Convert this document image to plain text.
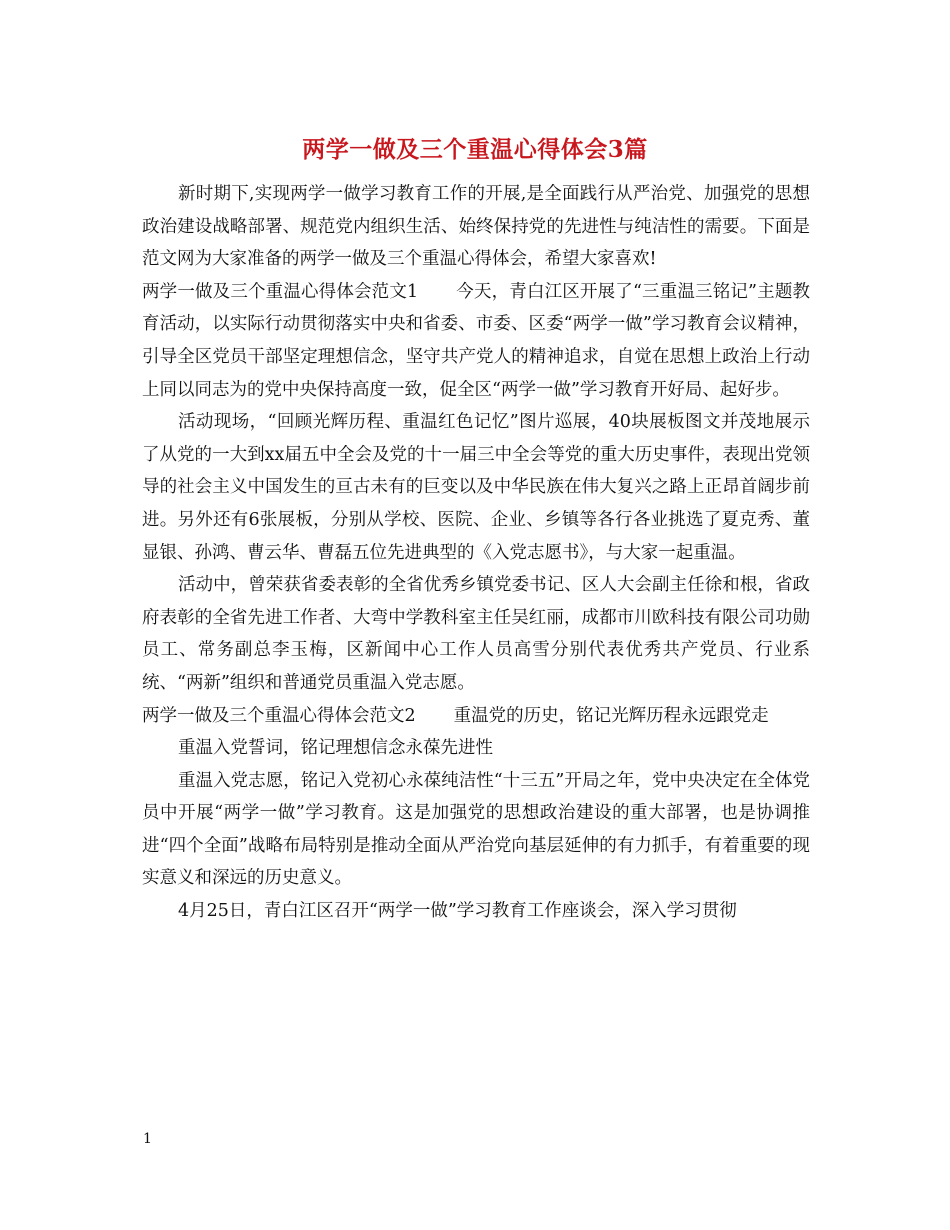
两学一做及三个重温心得体会3篇

新时期下,实现两学一做学习教育工作的开展,是全面践行从严治党、加强党的思想政治建设战略部署、规范党内组织生活、始终保持党的先进性与纯洁性的需要。下面是范文网为大家准备的两学一做及三个重温心得体会，希望大家喜欢!

两学一做及三个重温心得体会范文1 今天，青白江区开展了“三重温三铭记”主题教育活动，以实际行动贯彻落实中央和省委、市委、区委“两学一做”学习教育会议精神，引导全区党员干部坚定理想信念，坚守共产党人的精神追求，自觉在思想上政治上行动上同以同志为的党中央保持高度一致，促全区“两学一做”学习教育开好局、起好步。

活动现场，“回顾光辉历程、重温红色记忆”图片巡展，40块展板图文并茂地展示了从党的一大到xx届五中全会及党的十一届三中全会等党的重大历史事件，表现出党领导的社会主义中国发生的亘古未有的巨变以及中华民族在伟大复兴之路上正昂首阔步前进。另外还有6张展板，分别从学校、医院、企业、乡镇等各行各业挑选了夏克秀、董显银、孙鸿、曹云华、曹磊五位先进典型的《入党志愿书》，与大家一起重温。

活动中，曾荣获省委表彰的全省优秀乡镇党委书记、区人大会副主任徐和根，省政府表彰的全省先进工作者、大弯中学教科室主任吴红丽，成都市川欧科技有限公司功勋员工、常务副总李玉梅，区新闻中心工作人员高雪分别代表优秀共产党员、行业系统、“两新”组织和普通党员重温入党志愿。

两学一做及三个重温心得体会范文2 重温党的历史，铭记光辉历程永远跟党走

重温入党誓词，铭记理想信念永葆先进性

重温入党志愿，铭记入党初心永葆纯洁性“十三五”开局之年，党中央决定在全体党员中开展“两学一做”学习教育。这是加强党的思想政治建设的重大部署，也是协调推进“四个全面”战略布局特别是推动全面从严治党向基层延伸的有力抓手，有着重要的现实意义和深远的历史意义。

4月25日，青白江区召开“两学一做”学习教育工作座谈会，深入学习贯彻

1
